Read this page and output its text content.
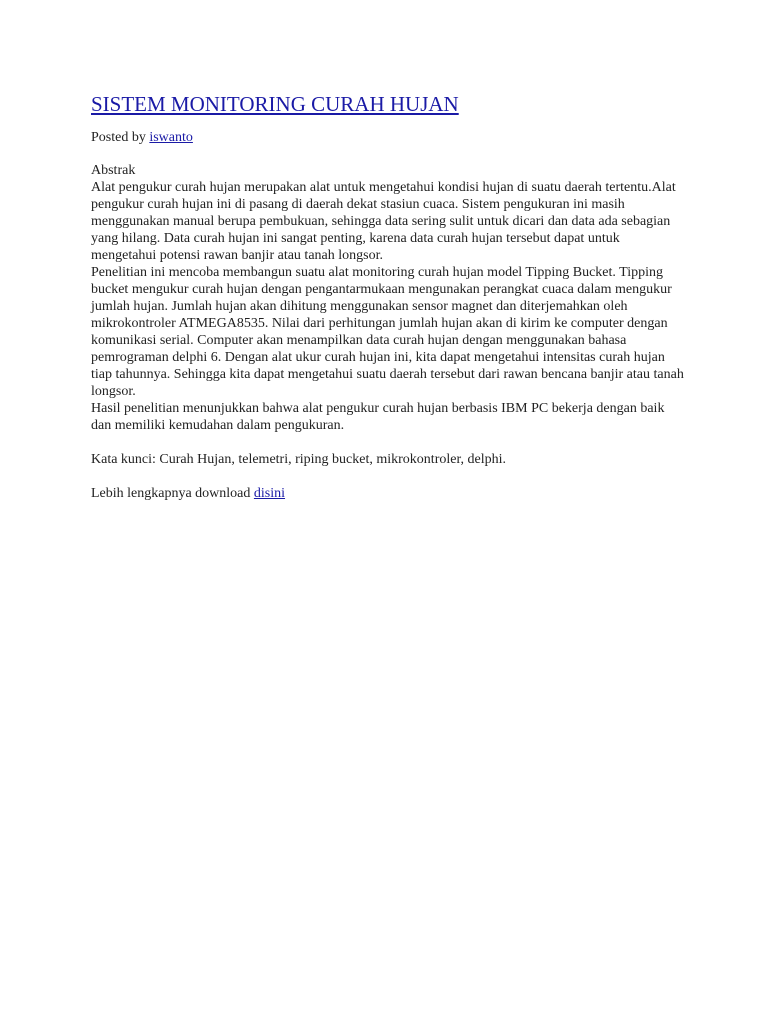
SISTEM MONITORING CURAH HUJAN
Posted by iswanto

Abstrak

Alat pengukur curah hujan merupakan alat untuk mengetahui kondisi hujan di suatu daerah tertentu.Alat pengukur curah hujan ini di pasang di daerah dekat stasiun cuaca. Sistem pengukuran ini masih menggunakan manual berupa pembukuan, sehingga data sering sulit untuk dicari dan data ada sebagian yang hilang. Data curah hujan ini sangat penting, karena data curah hujan tersebut dapat untuk mengetahui potensi rawan banjir atau tanah longsor.

Penelitian ini mencoba membangun suatu alat monitoring curah hujan model Tipping Bucket. Tipping bucket mengukur curah hujan dengan pengantarmukaan mengunakan perangkat cuaca dalam mengukur jumlah hujan. Jumlah hujan akan dihitung menggunakan sensor magnet dan diterjemahkan oleh mikrokontroler ATMEGA8535. Nilai dari perhitungan jumlah hujan akan di kirim ke computer dengan komunikasi serial. Computer akan menampilkan data curah hujan dengan menggunakan bahasa pemrograman delphi 6. Dengan alat ukur curah hujan ini, kita dapat mengetahui intensitas curah hujan tiap tahunnya. Sehingga kita dapat mengetahui suatu daerah tersebut dari rawan bencana banjir atau tanah longsor.

Hasil penelitian menunjukkan bahwa alat pengukur curah hujan berbasis IBM PC bekerja dengan baik dan memiliki kemudahan dalam pengukuran.

Kata kunci: Curah Hujan, telemetri, riping bucket, mikrokontroler, delphi.
Lebih lengkapnya download disini
